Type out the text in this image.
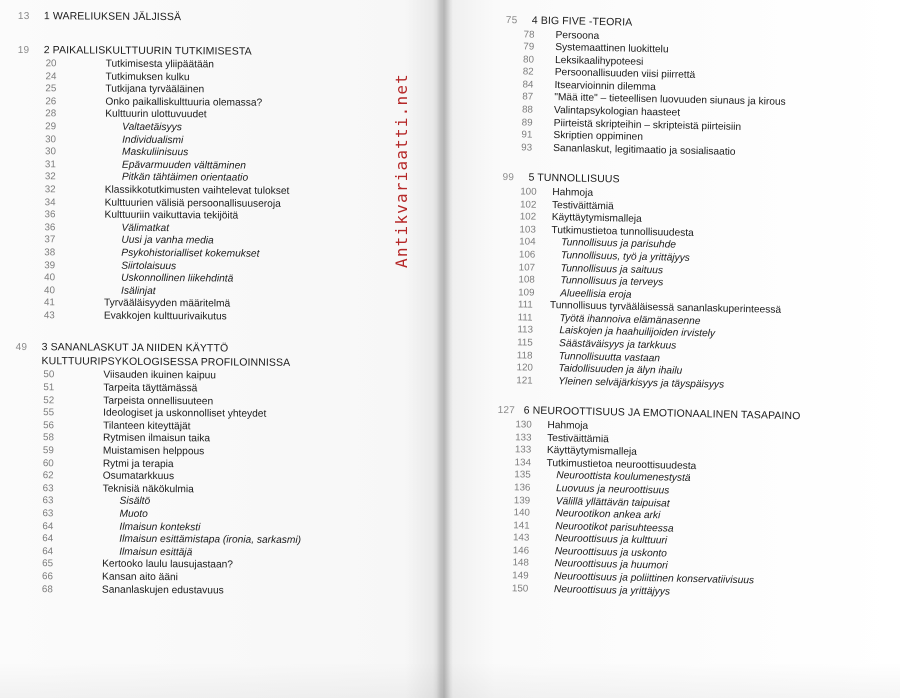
13 1 WARELIUKSEN JÄLJISSÄ
19 2 PAIKALLISKULTTUURIN TUTKIMISESTA
20	Tutkimisesta yliipäätään
24	Tutkimuksen kulku
25	Tutkijana tyrvääläinen
26	Onko paikalliskulttuuria olemassa?
28	Kulttuurin ulottuvuudet
29	Valtaetäisyys
30	Individualismi
30	Maskuliinisuus
31	Epävarmuuden välttäminen
32	Pitkän tähtäimen orientaatio
32	Klassikkotutkimusten vaihtelevat tulokset
34	Kulttuurien välisiä persoonallisuuseroja
36	Kulttuuriin vaikuttavia tekijöitä
36	Välimatkat
37	Uusi ja vanha media
38	Psykohistorialliset kokemukset
39	Siirtolaisuus
40	Uskonnollinen liikehdintä
40	Isälinjat
41	Tyrvääläisyyden määritelmä
43	Evakkojen kulttuurivaikutus
49 3 SANANLASKUT JA NIIDEN KÄYTTÖ
KULTTUURIPSYKOLOGISESSA PROFILOINNISSA
50	Viisauden ikuinen kaipuu
51	Tarpeita täyttämässä
52	Tarpeista onnellisuuteen
55	Ideologiset ja uskonnolliset yhteydet
56	Tilanteen kiteyttäjät
58	Rytmisen ilmaisun taika
59	Muistamisen helppous
60	Rytmi ja terapia
62	Osumatarkkuus
63	Teknisiä näkökulmia
63	Sisältö
63	Muoto
64	Ilmaisun konteksti
64	Ilmaisun esittämistapa (ironia, sarkasmi)
64	Ilmaisun esittäjä
65	Kertooko laulu lausujastaan?
66	Kansan aito ääni
68	Sananlaskujen edustavuus
75 4 BIG FIVE -TEORIA
78	Persoona
79	Systemaattinen luokittelu
80	Leksikaalihypoteesi
82	Persoonallisuuden viisi piirrettä
84	Itsearvioinnin dilemma
87	"Mää itte" – tieteellisen luovuuden siunaus ja kirous
88	Valintapsykologian haasteet
89	Piirteistä skripteihin – skripteistä piirteisiin
91	Skriptien oppiminen
93	Sananlaskut, legitimaatio ja sosialisaatio
99 5 TUNNOLLISUUS
100	Hahmoja
102	Testiväittämiä
102	Käyttäytymismalleja
103	Tutkimustietoa tunnollisuudesta
104	Tunnollisuus ja parisuhde
106	Tunnollisuus, työ ja yrittäjyys
107	Tunnollisuus ja saituus
108	Tunnollisuus ja terveys
109	Alueellisia eroja
111	Tunnollisuus tyrvääläisessä sananlaskuperinteessä
111	Työtä ihannoiva elämänasenne
113	Laiskojen ja haahuilijoiden irvistely
115	Säästäväisyys ja tarkkuus
118	Tunnollisuutta vastaan
120	Taidollisuuden ja älyn ihailu
121	Yleinen selväjärkisyys ja täyspäisyys
127 6 NEUROOTTISUUS JA EMOTIONAALINEN TASAPAINO
130	Hahmoja
133	Testiväittämiä
133	Käyttäytymismalleja
134	Tutkimustietoa neuroottisuudesta
135	Neuroottista koulumenestystä
136	Luovuus ja neuroottisuus
139	Välillä yllättävän taipuisat
140	Neurootikon ankea arki
141	Neurootikot parisuhteessa
143	Neuroottisuus ja kulttuuri
146	Neuroottisuus ja uskonto
148	Neuroottisuus ja huumori
149	Neuroottisuus ja poliittinen konservatiivisuus
150	Neuroottisuus ja yrittäjyys
Antikvariaatti.net
